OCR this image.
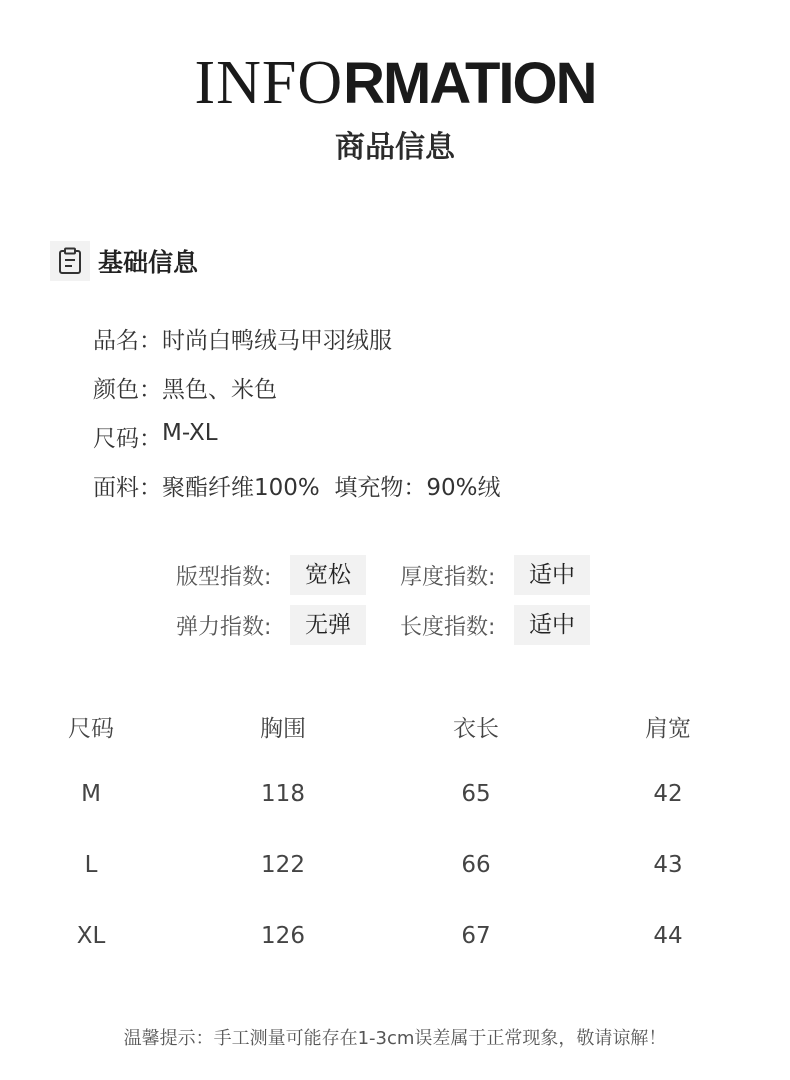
INFORMATION
商品信息
基础信息
品名： 时尚白鸭绒马甲羽绒服
颜色： 黑色、米色
尺码： M-XL
面料： 聚酯纤维100%  填充物：90%绒
版型指数:	宽松	厚度指数:	适中
弹力指数:	无弹	长度指数:	适中
尺码	胸围	衣长	肩宽
M	118	65	42
L	122	66	43
XL	126	67	44
温馨提示：手工测量可能存在1-3cm误差属于正常现象，敬请谅解！
